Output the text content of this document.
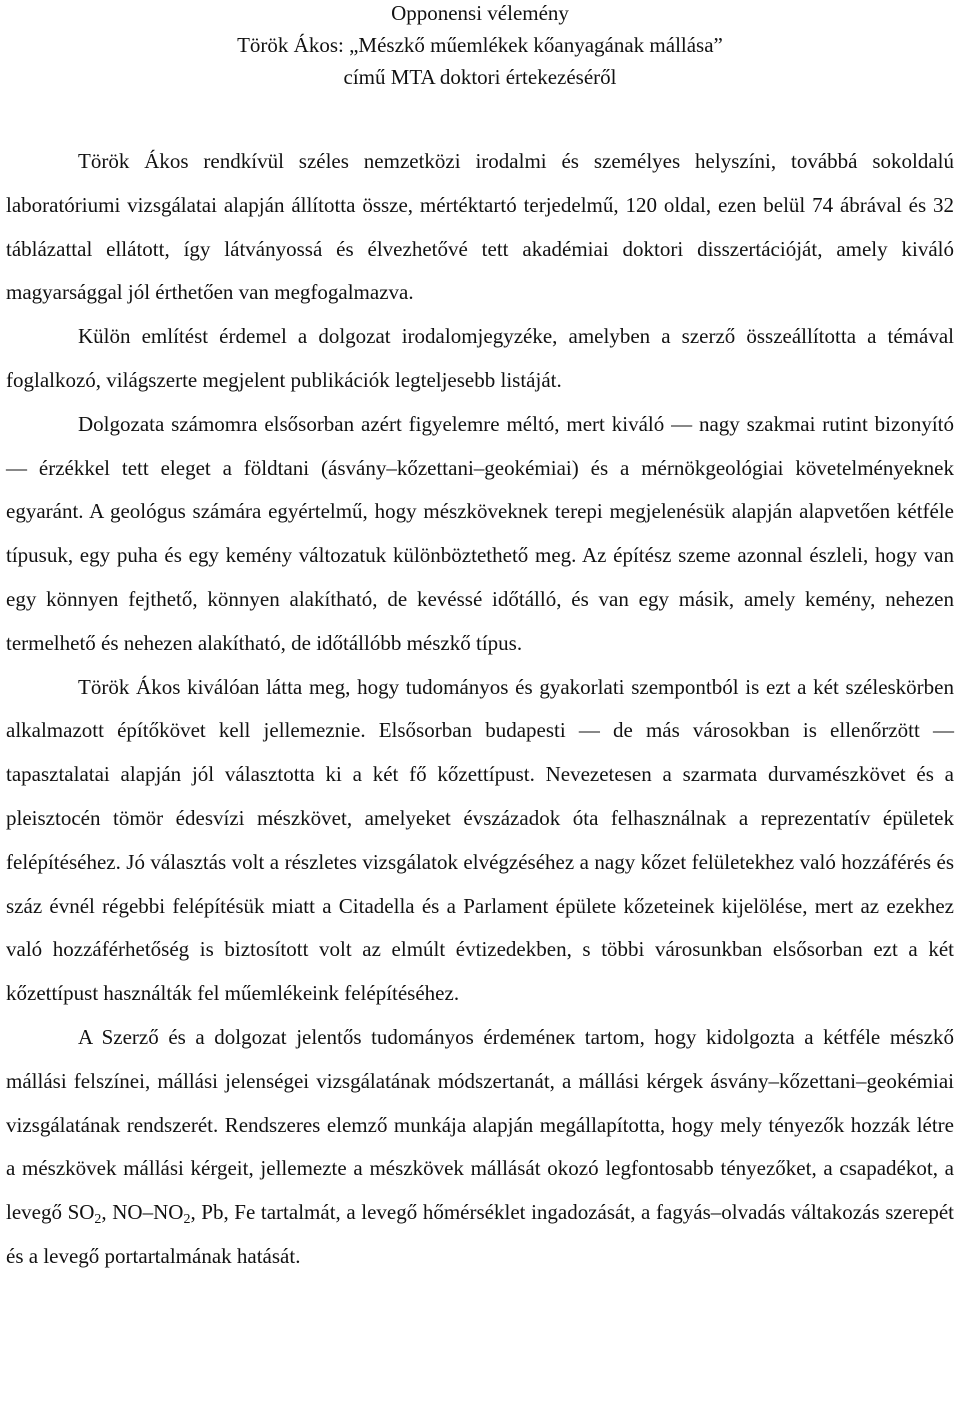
Opponensi vélemény
Török Ákos: „Mészkő műemlékek kőanyagának mállása”
című MTA doktori értekezéséről

Török Ákos rendkívül széles nemzetközi irodalmi és személyes helyszíni, továbbá sokoldalú laboratóriumi vizsgálatai alapján állította össze, mértéktartó terjedelmű, 120 oldal, ezen belül 74 ábrával és 32 táblázattal ellátott, így látványossá és élvezhetővé tett akadémiai doktori disszertációját, amely kiváló magyarsággal jól érthetően van megfogalmazva.

Külön említést érdemel a dolgozat irodalomjegyzéke, amelyben a szerző összeállította a témával foglalkozó, világszerte megjelent publikációk legteljesebb listáját.

Dolgozata számomra elsősorban azért figyelemre méltó, mert kiváló ― nagy szakmai rutint bizonyító ― érzékkel tett eleget a földtani (ásvány–kőzettani–geokémiai) és a mérnökgeológiai követelményeknek egyaránt. A geológus számára egyértelmű, hogy mészköveknek terepi megjelenésük alapján alapvetően kétféle típusuk, egy puha és egy kemény változatuk különböztethető meg. Az építész szeme azonnal észleli, hogy van egy könnyen fejthető, könnyen alakítható, de kevéssé időtálló, és van egy másik, amely kemény, nehezen termelhető és nehezen alakítható, de időtállóbb mészkő típus.

Török Ákos kiválóan látta meg, hogy tudományos és gyakorlati szempontból is ezt a két széleskörben alkalmazott építőkövet kell jellemeznie. Elsősorban budapesti ― de más városokban is ellenőrzött ― tapasztalatai alapján jól választotta ki a két fő kőzettípust. Nevezetesen a szarmata durvamészkövet és a pleisztocén tömör édesvízi mészkövet, amelyeket évszázadok óta felhasználnak a reprezentatív épületek felépítéséhez. Jó választás volt a részletes vizsgálatok elvégzéséhez a nagy kőzet felületekhez való hozzáférés és száz évnél régebbi felépítésük miatt a Citadella és a Parlament épülete kőzeteinek kijelölése, mert az ezekhez való hozzáférhetőség is biztosított volt az elmúlt évtizedekben, s többi városunkban elsősorban ezt a két kőzettípust használták fel műemlékeink felépítéséhez.

A Szerző és a dolgozat jelentős tudományos érdeméneк tartom, hogy kidolgozta a kétféle mészkő mállási felszínei, mállási jelenségei vizsgálatának módszertanát, a mállási kérgek ásvány–kőzettani–geokémiai vizsgálatának rendszerét. Rendszeres elemző munkája alapján megállapította, hogy mely tényezők hozzák létre a mészkövek mállási kérgeit, jellemezte a mészkövek mállását okozó legfontosabb tényezőket, a csapadékot, a levegő $SO_2$, $NO-NO_2$, Pb, Fe tartalmát, a levegő hőmérséklet ingadozását, a fagyás–olvadás váltakozás szerepét és a levegő portartalmának hatását.
